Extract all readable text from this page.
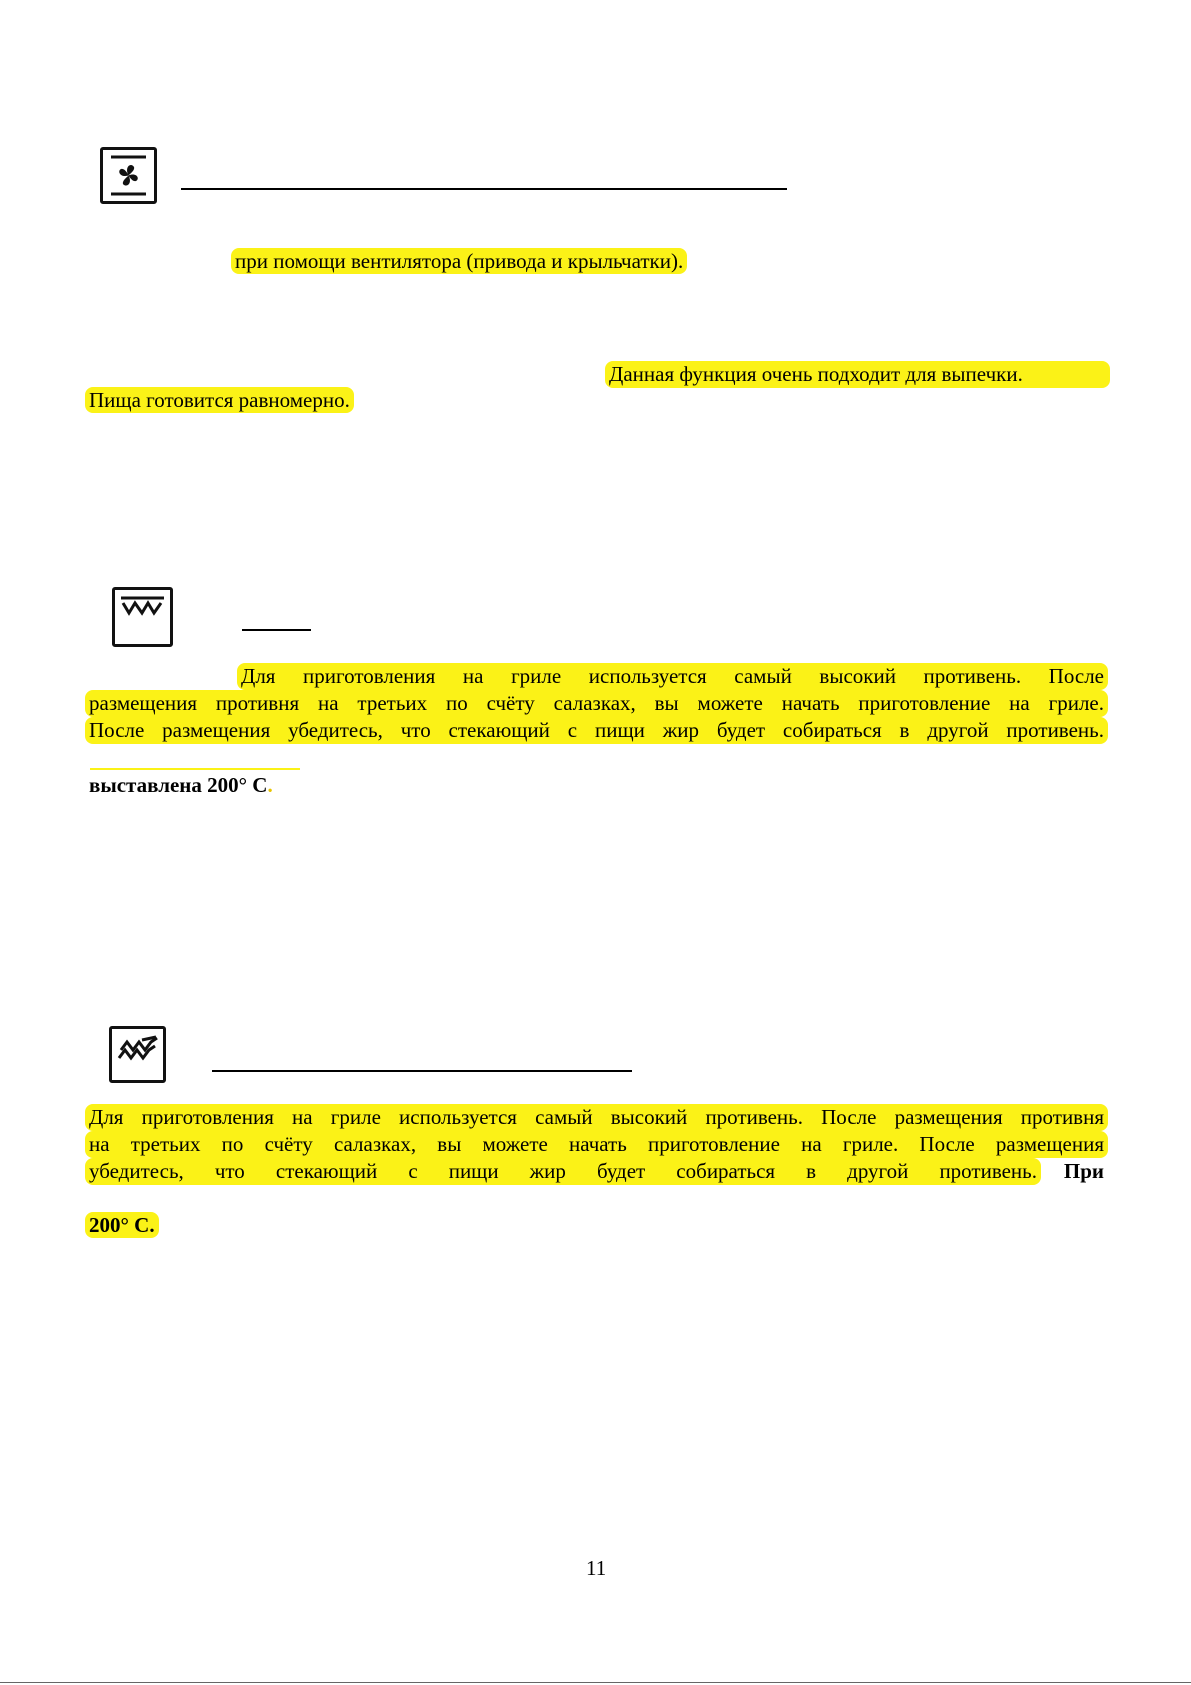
при помощи вентилятора (привода и крыльчатки).
Данная функция очень подходит для выпечки.
Пища готовится равномерно.
Для приготовления на гриле используется самый высокий противень. После
размещения противня на третьих по счёту салазках, вы можете начать приготовление на гриле.
После размещения убедитесь, что стекающий с пищи жир будет собираться в другой противень.
выставлена 200° С.
Для приготовления на гриле используется самый высокий противень. После размещения противня
на третьих по счёту салазках, вы можете начать приготовление на гриле. После размещения
убедитесь, что стекающий с пищи жир будет собираться в другой противень. При
200° С.
11
